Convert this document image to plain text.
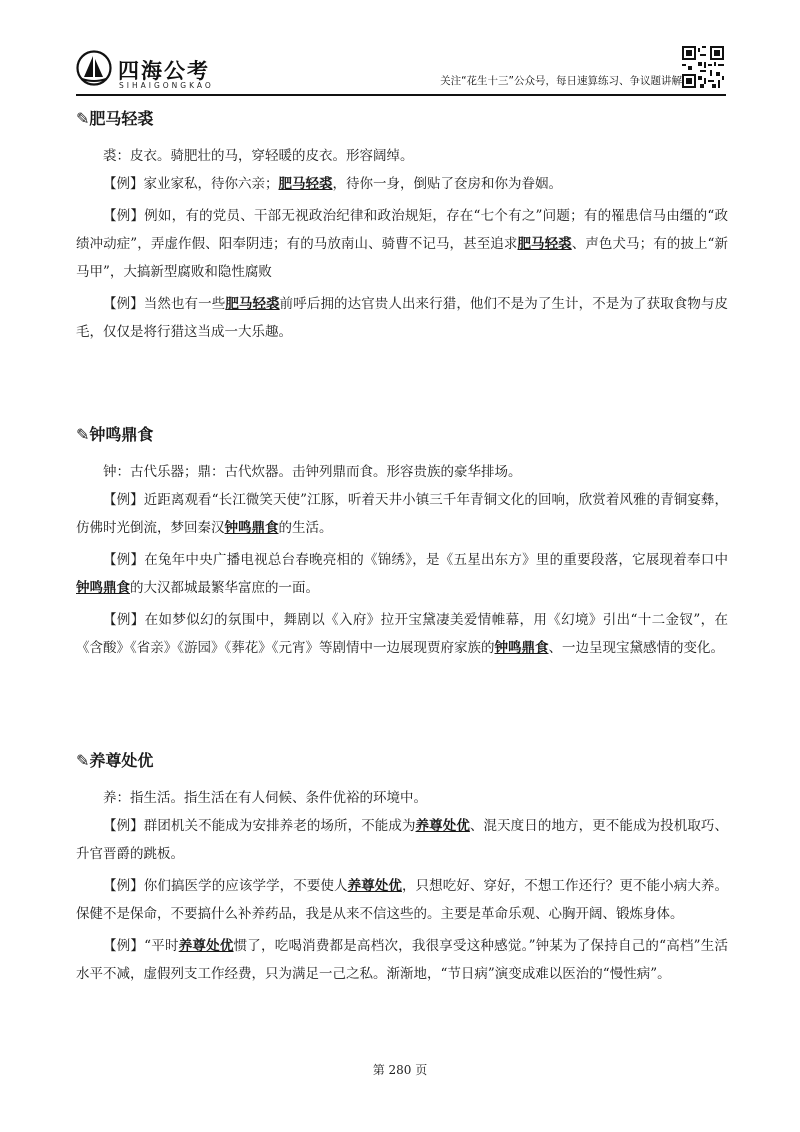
四海公考
SIHAIGONGKAO	关注“花生十三”公众号，每日速算练习、争议题讲解
✎肥马轻裘

裘：皮衣。骑肥壮的马，穿轻暖的皮衣。形容阔绰。

【例】家业家私，待你六亲；肥马轻裘，待你一身，倒贴了奁房和你为眷姻。

【例】例如，有的党员、干部无视政治纪律和政治规矩，存在“七个有之”问题；有的罹患信马由缰的“政绩冲动症”，弄虚作假、阳奉阴违；有的马放南山、骑曹不记马，甚至追求肥马轻裘、声色犬马；有的披上“新马甲”，大搞新型腐败和隐性腐败

【例】当然也有一些肥马轻裘前呼后拥的达官贵人出来行猎，他们不是为了生计，不是为了获取食物与皮毛，仅仅是将行猎这当成一大乐趣。

✎钟鸣鼎食

钟：古代乐器；鼎：古代炊器。击钟列鼎而食。形容贵族的豪华排场。

【例】近距离观看“长江微笑天使”江豚，听着天井小镇三千年青铜文化的回响，欣赏着风雅的青铜宴彝，仿佛时光倒流，梦回秦汉钟鸣鼎食的生活。

【例】在兔年中央广播电视总台春晚亮相的《锦绣》，是《五星出东方》里的重要段落，它展现着奉口中钟鸣鼎食的大汉都城最繁华富庶的一面。

【例】在如梦似幻的氛围中，舞剧以《入府》拉开宝黛凄美爱情帷幕，用《幻境》引出“十二金钗”，在《含酸》《省亲》《游园》《葬花》《元宵》等剧情中一边展现贾府家族的钟鸣鼎食、一边呈现宝黛感情的变化。

✎养尊处优

养：指生活。指生活在有人伺候、条件优裕的环境中。

【例】群团机关不能成为安排养老的场所，不能成为养尊处优、混天度日的地方，更不能成为投机取巧、升官晋爵的跳板。

【例】你们搞医学的应该学学，不要使人养尊处优，只想吃好、穿好，不想工作还行？更不能小病大养。保健不是保命，不要搞什么补养药品，我是从来不信这些的。主要是革命乐观、心胸开阔、锻炼身体。

【例】“平时养尊处优惯了，吃喝消费都是高档次，我很享受这种感觉。”钟某为了保持自己的“高档”生活水平不减，虚假列支工作经费，只为满足一己之私。渐渐地，“节日病”演变成难以医治的“慢性病”。

第 280 页
